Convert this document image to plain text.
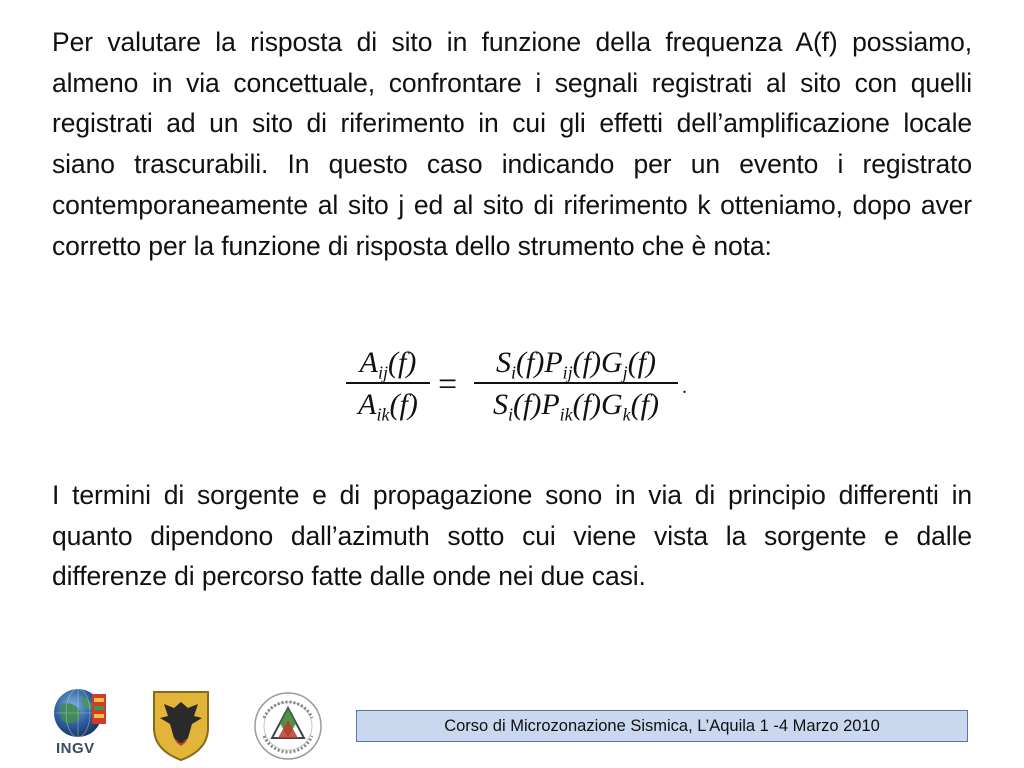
Per valutare la risposta di sito in funzione della frequenza A(f) possiamo, almeno in via concettuale, confrontare i segnali registrati al sito con quelli registrati ad un sito di riferimento in cui gli effetti dell’amplificazione locale siano trascurabili. In questo caso indicando per un evento i registrato contemporaneamente al sito j ed al sito di riferimento k otteniamo, dopo aver corretto per la funzione di risposta dello strumento che è nota:

$A_{ij}(f)$
$A_{ik}(f)$
=
$S_i(f)P_{ij}(f)G_j(f)$
$S_i(f)P_{ik}(f)G_k(f)$
.

I termini di sorgente e di propagazione sono in via di principio differenti in quanto dipendono dall’azimuth sotto cui viene vista la sorgente e dalle differenze di percorso fatte dalle onde nei due casi.

INGV
Corso di Microzonazione Sismica, L’Aquila 1 -4 Marzo 2010
